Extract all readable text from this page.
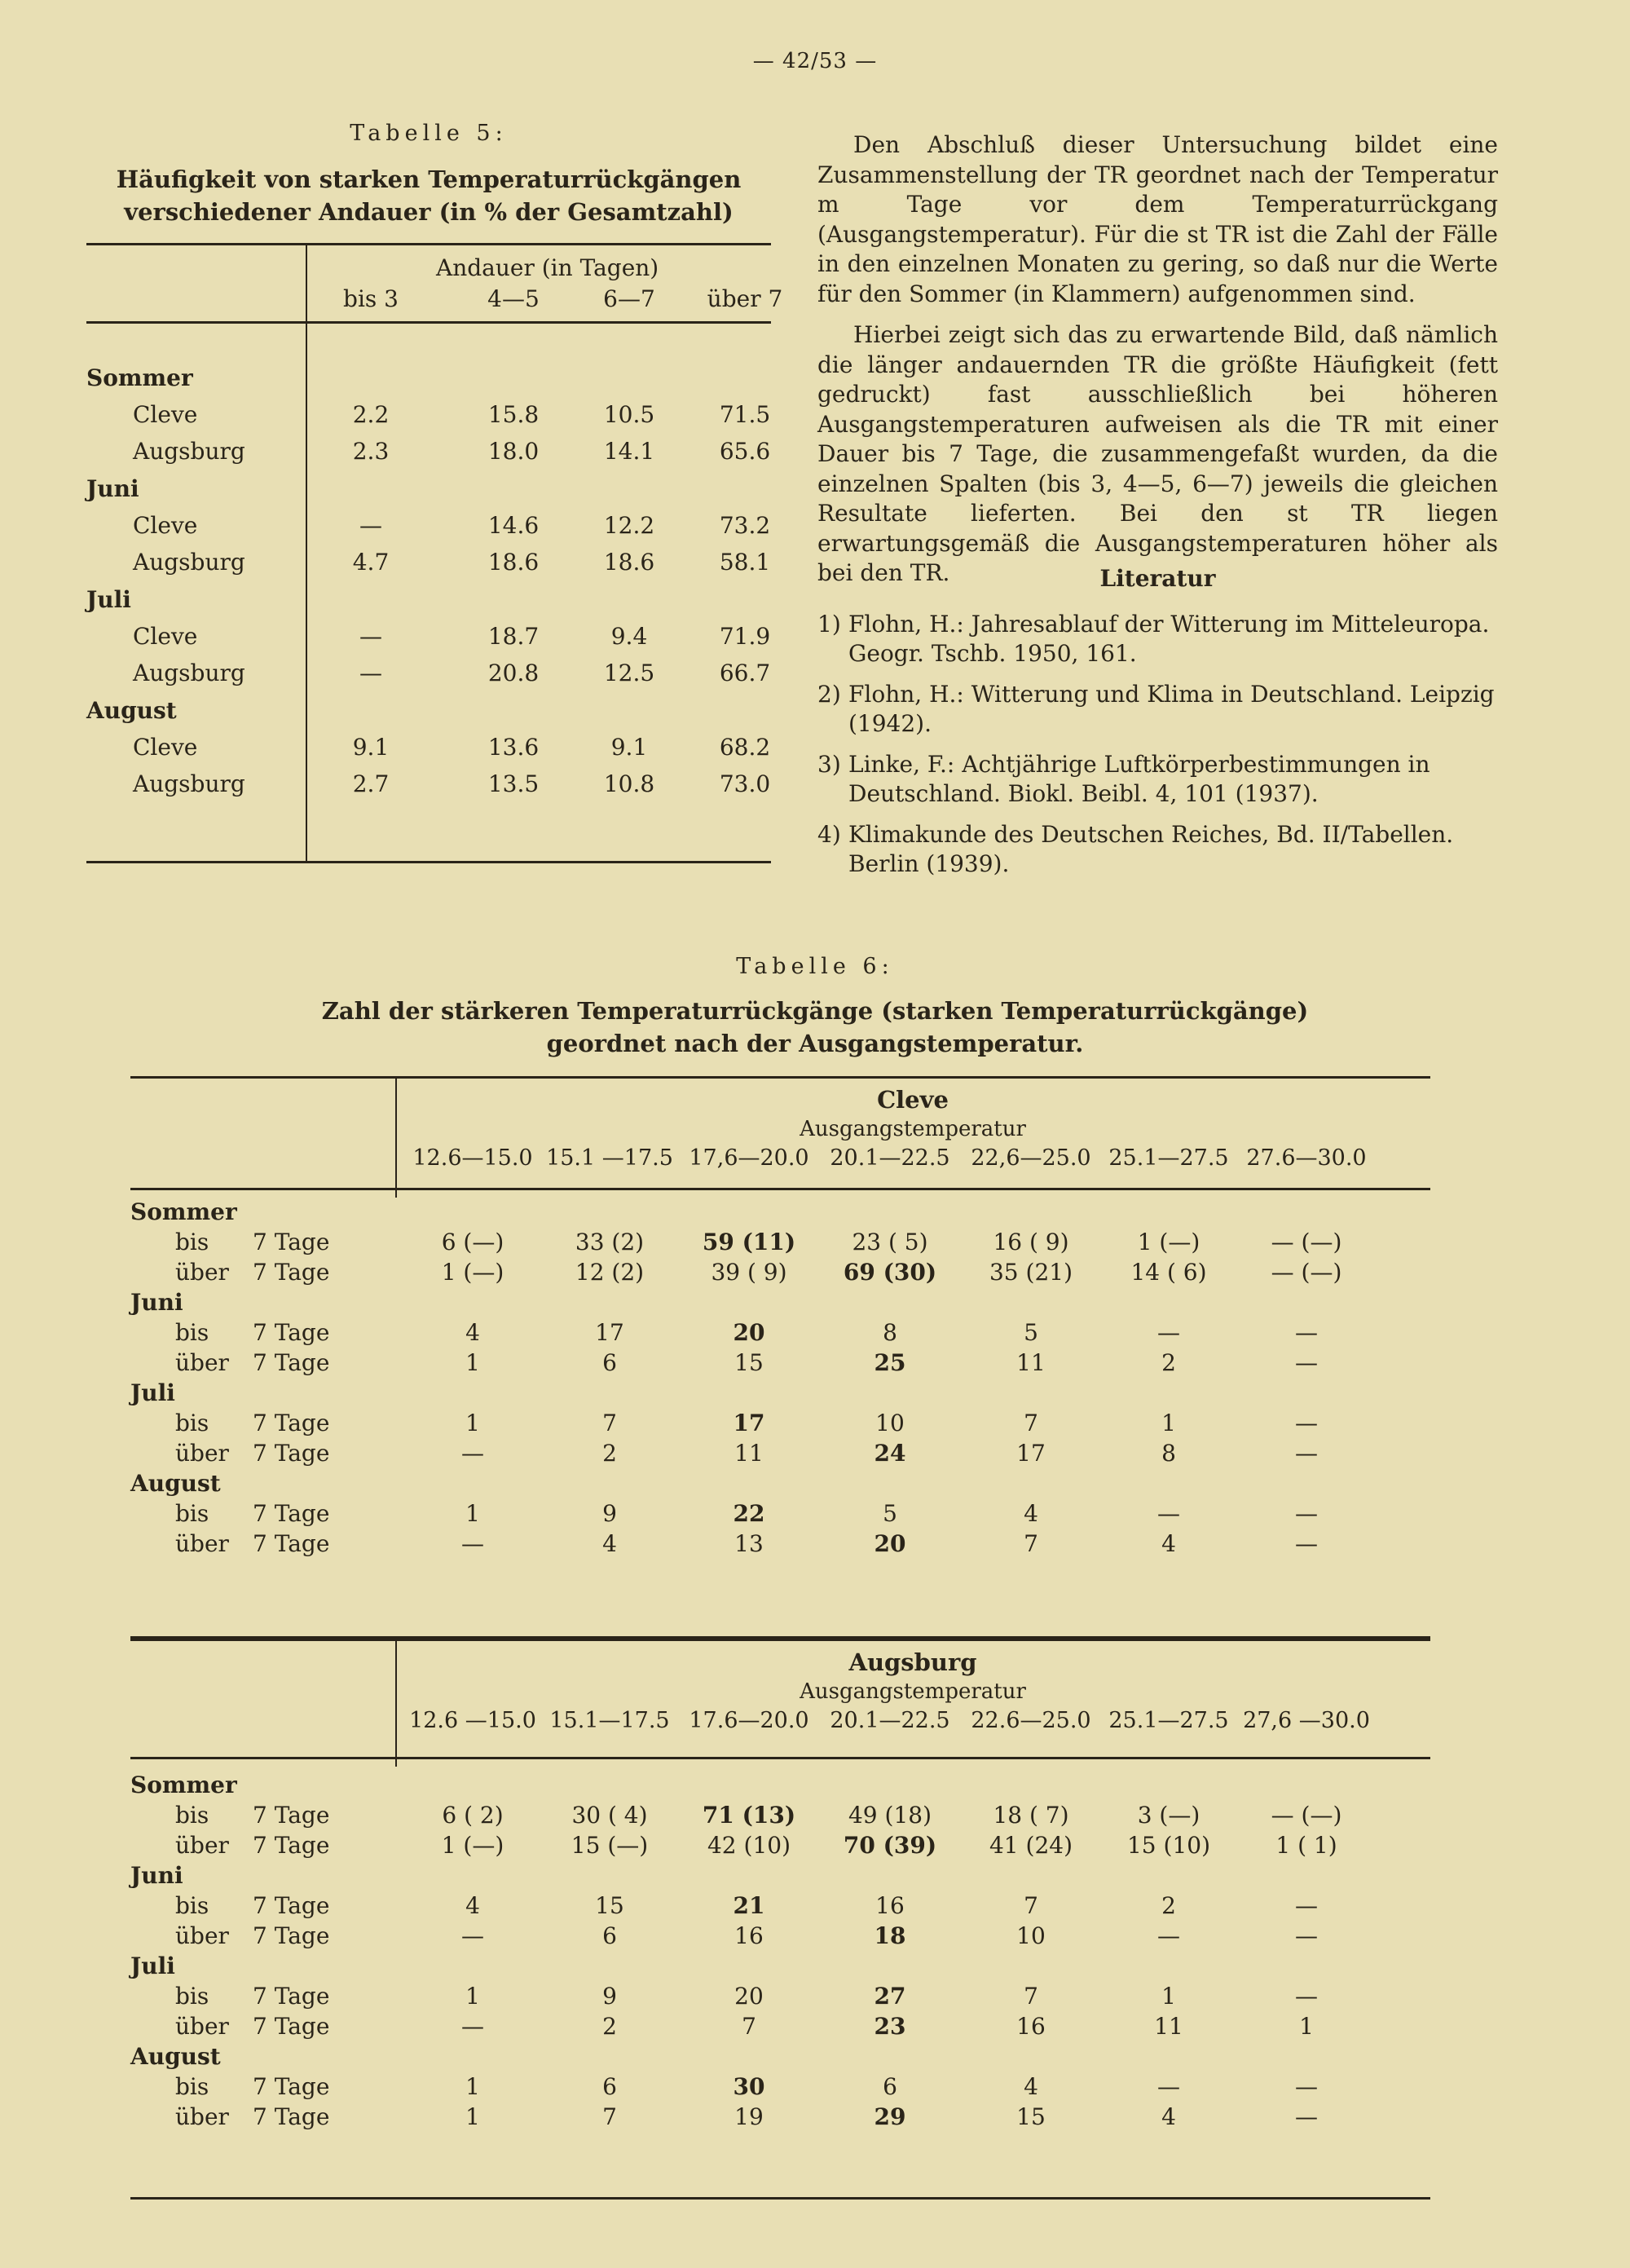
— 42/53 —
Tabelle 5:
Häufigkeit von starken Temperaturrückgängen
verschiedener Andauer (in % der Gesamtzahl)
Andauer (in Tagen)
bis 3	4—5	6—7	über 7
Sommer
Cleve	2.2	15.8	10.5	71.5
Augsburg	2.3	18.0	14.1	65.6
Juni
Cleve	—	14.6	12.2	73.2
Augsburg	4.7	18.6	18.6	58.1
Juli
Cleve	—	18.7	9.4	71.9
Augsburg	—	20.8	12.5	66.7
August
Cleve	9.1	13.6	9.1	68.2
Augsburg	2.7	13.5	10.8	73.0

Den Abschluß dieser Untersuchung bildet eine Zusammenstellung der TR geordnet nach der Temperatur m Tage vor dem Temperaturrückgang (Ausgangstemperatur). Für die st TR ist die Zahl der Fälle in den einzelnen Monaten zu gering, so daß nur die Werte für den Sommer (in Klammern) aufgenommen sind.

Hierbei zeigt sich das zu erwartende Bild, daß nämlich die länger andauernden TR die größte Häufigkeit (fett gedruckt) fast ausschließlich bei höheren Ausgangstemperaturen aufweisen als die TR mit einer Dauer bis 7 Tage, die zusammengefaßt wurden, da die einzelnen Spalten (bis 3, 4—5, 6—7) jeweils die gleichen Resultate lieferten. Bei den st TR liegen erwartungsgemäß die Ausgangstemperaturen höher als bei den TR.	Literatur
1) Flohn, H.: Jahresablauf der Witterung im Mitteleuropa. Geogr. Tschb. 1950, 161.
2) Flohn, H.: Witterung und Klima in Deutschland. Leipzig (1942).
3) Linke, F.: Achtjährige Luftkörperbestimmungen in Deutschland. Biokl. Beibl. 4, 101 (1937).
4) Klimakunde des Deutschen Reiches, Bd. II/Tabellen. Berlin (1939).
Tabelle 6:
Zahl der stärkeren Temperaturrückgänge (starken Temperaturrückgänge)
geordnet nach der Ausgangstemperatur.
Cleve
Ausgangstemperatur
12.6—15.0 15.1 —17.5 17,6—20.0 20.1—22.5 22,6—25.0 25.1—27.5 27.6—30.0
Sommer
bis 7 Tage	6 (—)	33 (2)	59 (11)	23 ( 5)	16 ( 9)	1 (—)	— (—)
über 7 Tage	1 (—)	12 (2)	39 ( 9)	69 (30)	35 (21)	14 ( 6)	— (—)
Juni
bis 7 Tage	4	17	20	8	5	—	—
über 7 Tage	1	6	15	25	11	2	—
Juli
bis 7 Tage	1	7	17	10	7	1	—
über 7 Tage	—	2	11	24	17	8	—
August
bis 7 Tage	1	9	22	5	4	—	—
über 7 Tage	—	4	13	20	7	4	—
Augsburg
Ausgangstemperatur
12.6 —15.0 15.1—17.5 17.6—20.0 20.1—22.5 22.6—25.0 25.1—27.5 27,6 —30.0
Sommer
bis 7 Tage	6 ( 2)	30 ( 4)	71 (13)	49 (18)	18 ( 7)	3 (—)	— (—)
über 7 Tage	1 (—)	15 (—)	42 (10)	70 (39)	41 (24)	15 (10)	1 ( 1)
Juni
bis 7 Tage	4	15	21	16	7	2	—
über 7 Tage	—	6	16	18	10	—	—
Juli
bis 7 Tage	1	9	20	27	7	1	—
über 7 Tage	—	2	7	23	16	11	1
August
bis 7 Tage	1	6	30	6	4	—	—
über 7 Tage	1	7	19	29	15	4	—
